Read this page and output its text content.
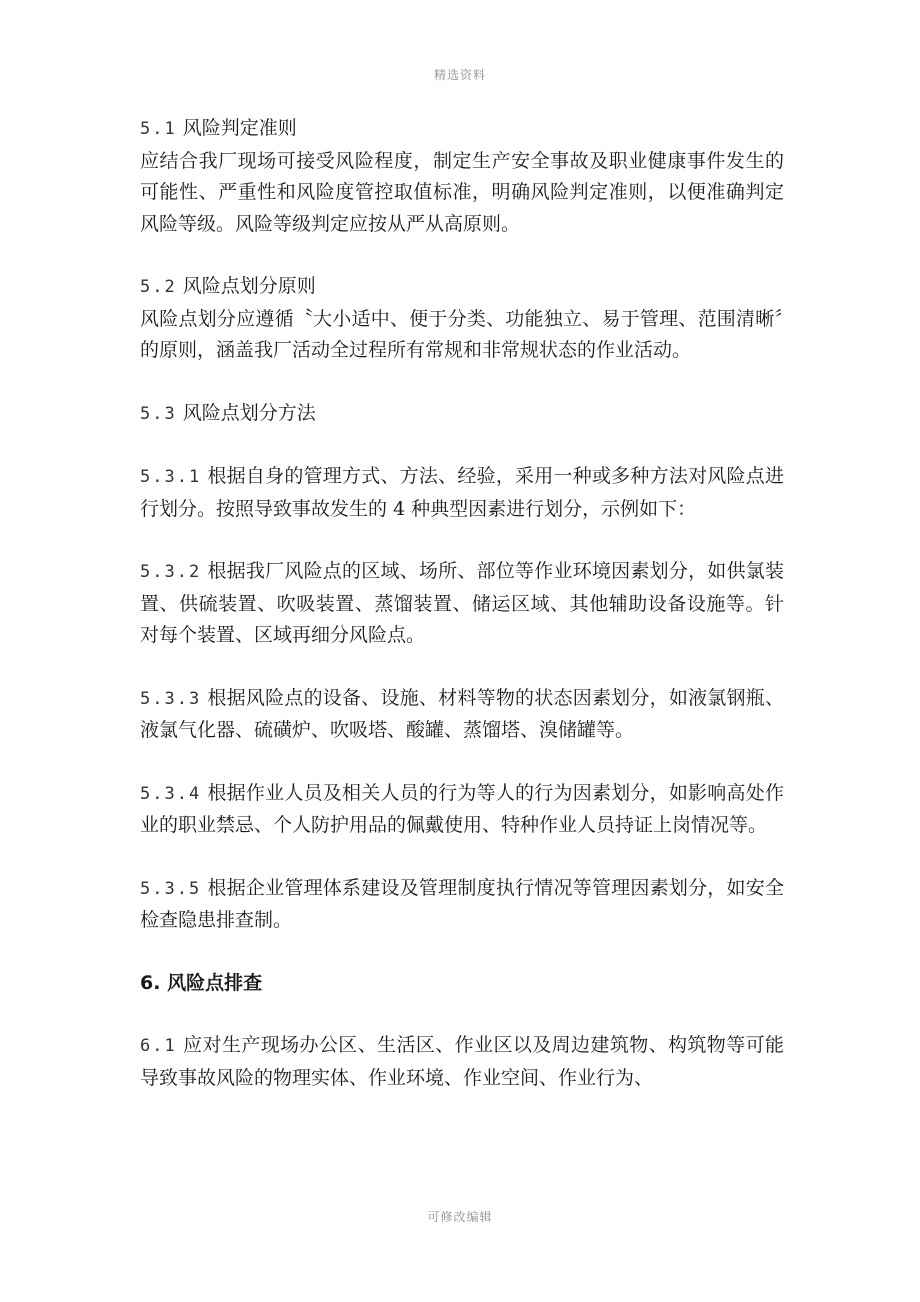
精选资料

5.1 风险判定准则

应结合我厂现场可接受风险程度，制定生产安全事故及职业健康事件发生的可能性、严重性和风险度管控取值标准，明确风险判定准则，以便准确判定风险等级。风险等级判定应按从严从高原则。

5.2 风险点划分原则

风险点划分应遵循〝大小适中、便于分类、功能独立、易于管理、范围清晰〞的原则，涵盖我厂活动全过程所有常规和非常规状态的作业活动。

5.3 风险点划分方法

5.3.1 根据自身的管理方式、方法、经验，采用一种或多种方法对风险点进行划分。按照导致事故发生的 4 种典型因素进行划分，示例如下：

5.3.2 根据我厂风险点的区域、场所、部位等作业环境因素划分，如供氯装置、供硫装置、吹吸装置、蒸馏装置、储运区域、其他辅助设备设施等。针对每个装置、区域再细分风险点。

5.3.3 根据风险点的设备、设施、材料等物的状态因素划分，如液氯钢瓶、液氯气化器、硫磺炉、吹吸塔、酸罐、蒸馏塔、溴储罐等。

5.3.4 根据作业人员及相关人员的行为等人的行为因素划分，如影响高处作业的职业禁忌、个人防护用品的佩戴使用、特种作业人员持证上岗情况等。

5.3.5 根据企业管理体系建设及管理制度执行情况等管理因素划分，如安全检查隐患排查制。

6. 风险点排查

6.1 应对生产现场办公区、生活区、作业区以及周边建筑物、构筑物等可能导致事故风险的物理实体、作业环境、作业空间、作业行为、

可修改编辑
